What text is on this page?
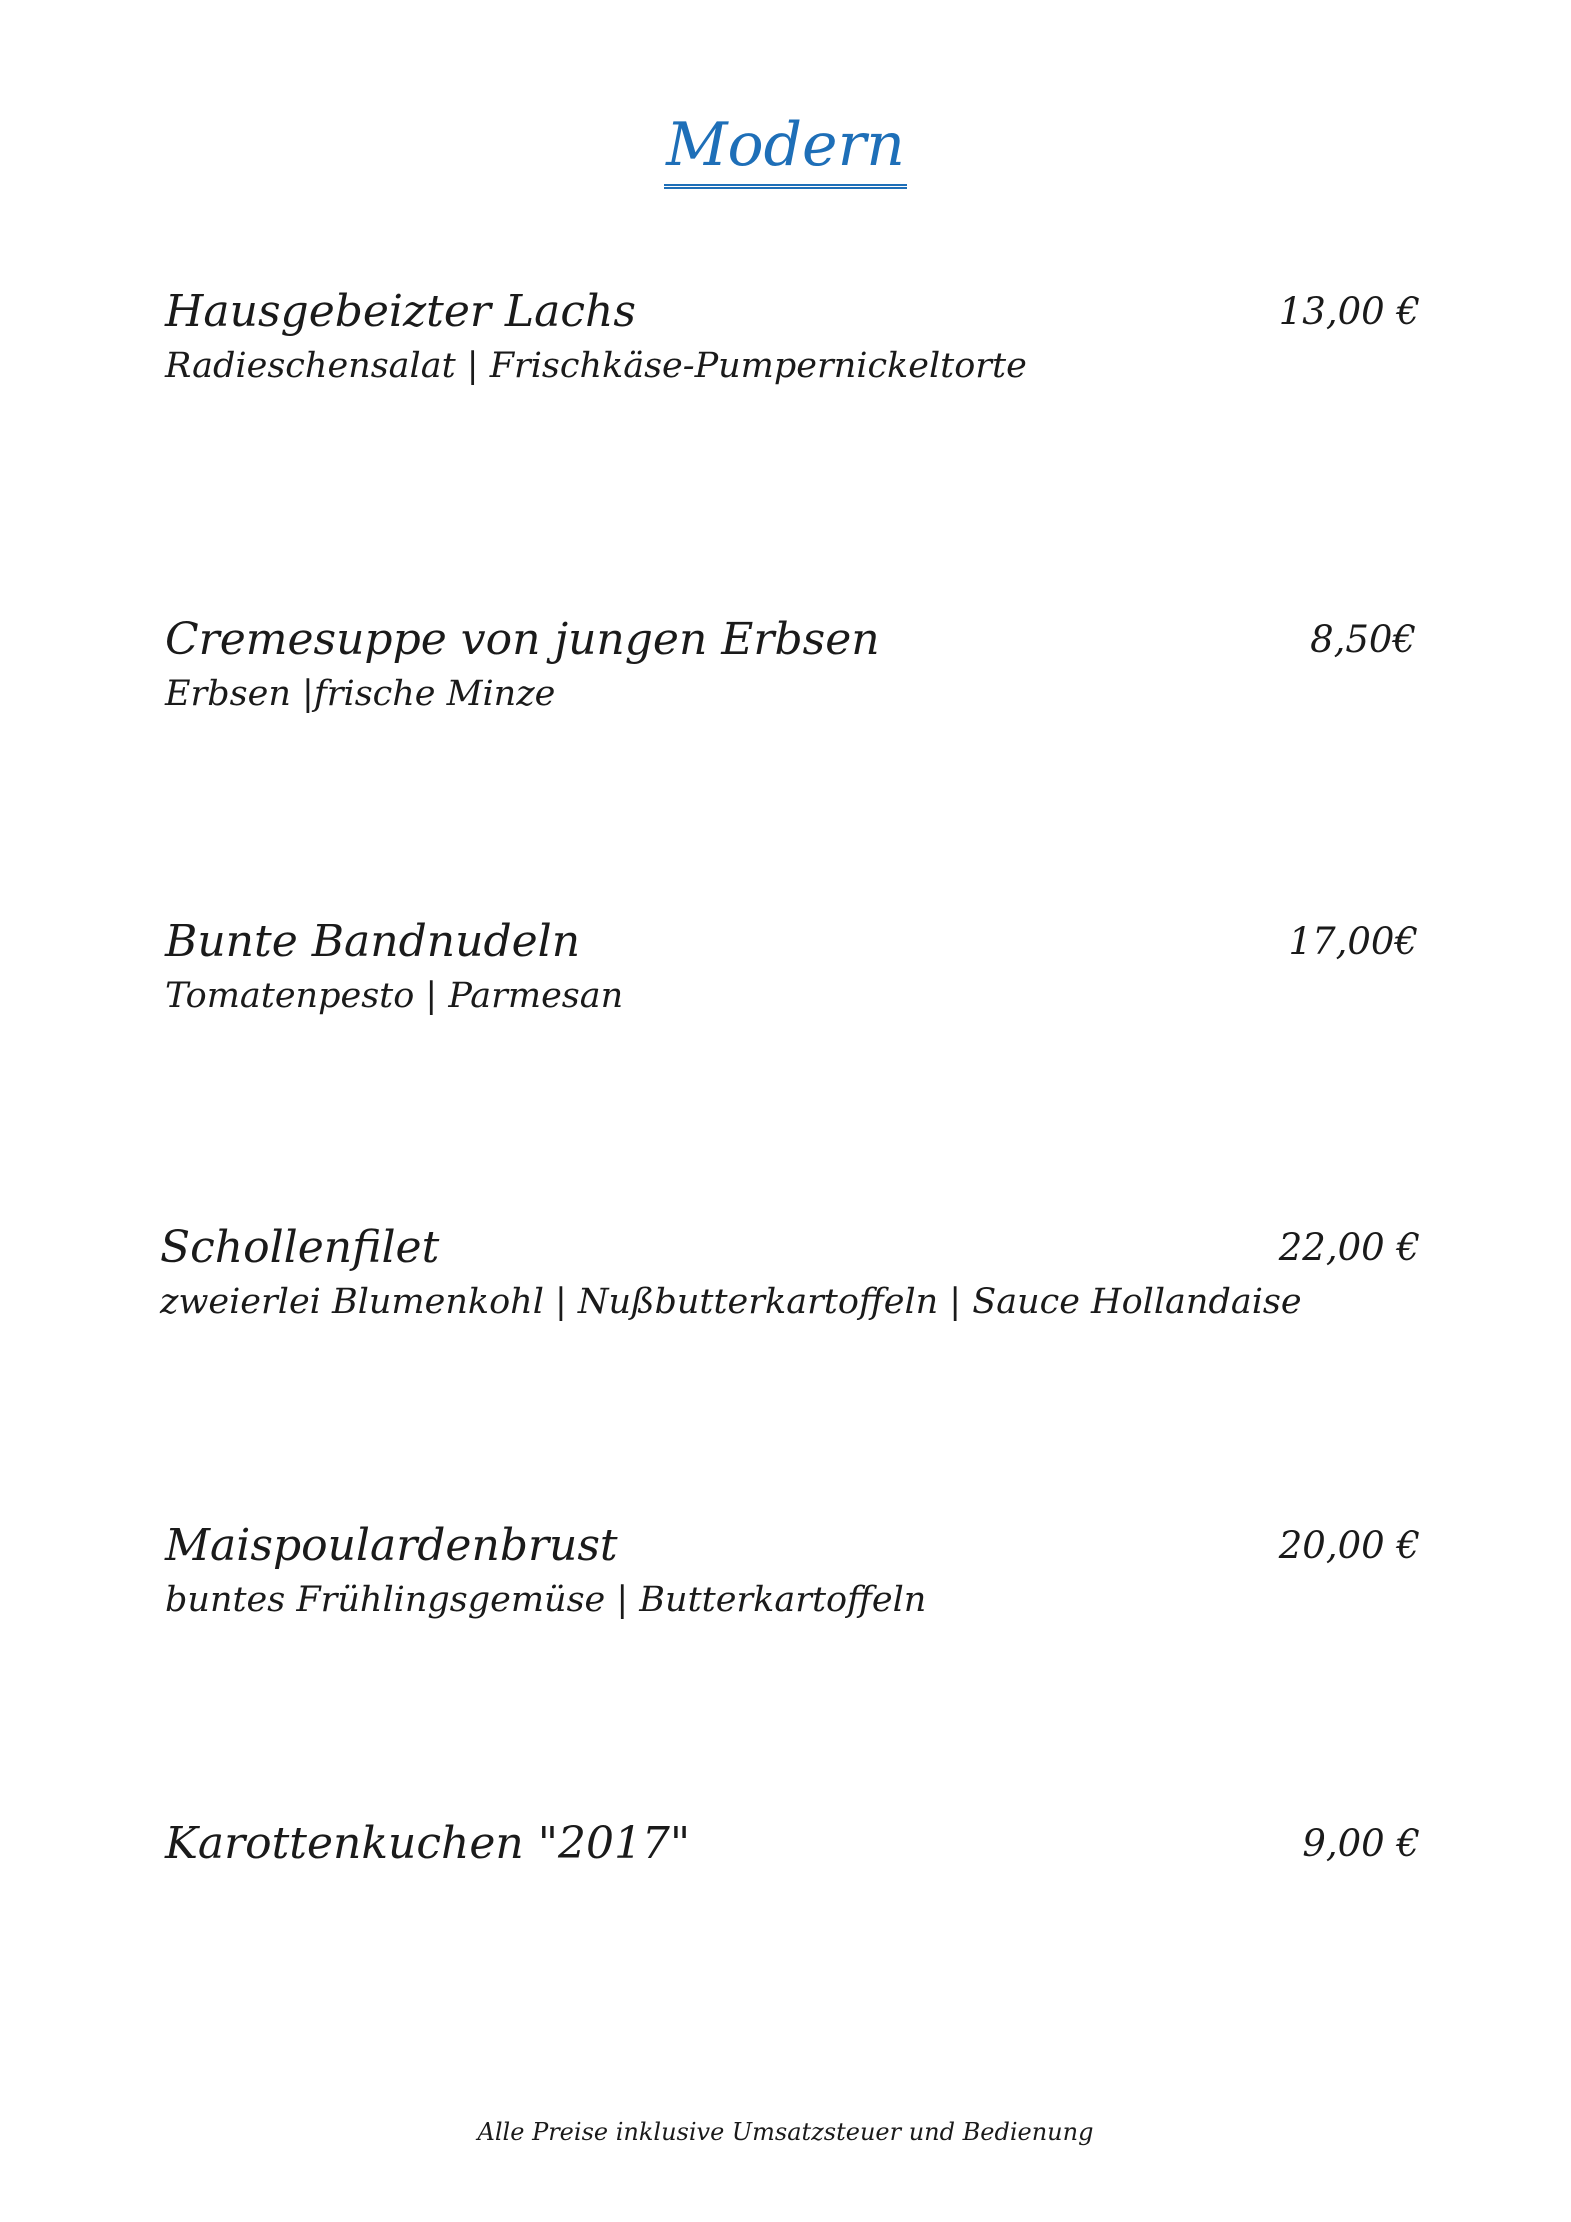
Modern
Hausgebeizter Lachs
Radieschensalat | Frischkäse-Pumpernickeltorte
13,00 €
Cremesuppe von jungen Erbsen
Erbsen |frische Minze
8,50€
Bunte Bandnudeln
Tomatenpesto | Parmesan
17,00€
Schollenfilet
zweierlei Blumenkohl | Nußbutterkartoffeln | Sauce Hollandaise
22,00 €
Maispoulardenbrust
buntes Frühlingsgemüse | Butterkartoffeln
20,00 €
Karottenkuchen "2017"	9,00 €
Alle Preise inklusive Umsatzsteuer und Bedienung
